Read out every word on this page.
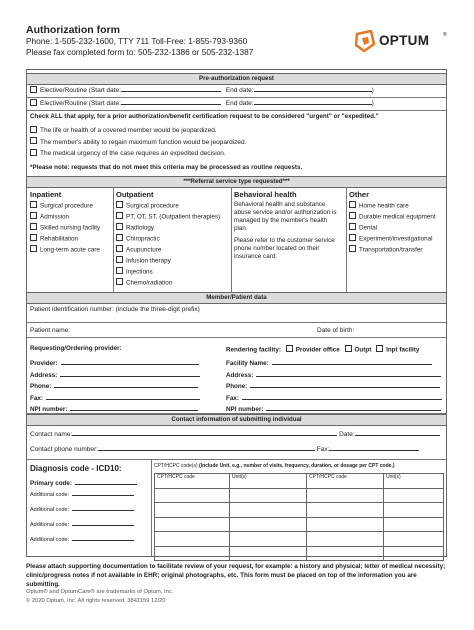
Authorization form
Phone: 1-505-232-1600, TTY 711 Toll-Free: 1-855-793-9360
Please fax completed form to: 505-232-1386 or 505-232-1387
OPTUM	®
Pre-authorization request
Elective/Routine (Start date:	End date:	)
Elective/Routine (Start date:	End date:	)
Check ALL that apply, for a prior authorization/benefit certification request to be considered "urgent" or "expedited."
The life or health of a covered member would be jeopardized.
The member's ability to regain maximum function would be jeopardized.
The medical urgency of the case requires an expedited decision.
*Please note: requests that do not meet this criteria may be processed as routine requests.
***Referral service type requested***
Inpatient
Surgical procedure
Admission
Skilled nursing facility
Rehabilitation
Long-term acute care
Outpatient
Surgical procedure
PT, OT, ST, (Outpatient therapies)
Radiology
Chiropractic
Acupuncture
Infusion therapy
Injections
Chemo/radiation
Behavioral health
Behavioral health and substance abuse service and/or authorization is managed by the member's health plan.
Please refer to the customer service phone number located on their insurance card.
Other
Home health care
Durable medical equipment
Dental
Experiment/investigational
Transportation/transfer
Member/Patient data
Patient identification number: (include the three-digit prefix)
Patient name:	Date of birth:
Requesting/Ordering provider:	Rendering facility: Provider office Outpt Inpt facility
Provider:
Address:
Phone:
Fax:
NPI number:
Facility Name:
Address:
Phone:
Fax:
NPI number:
Contact information of submitting individual
Contact name:	Date:
Contact phone number:	Fax:
Diagnosis code - ICD10:
Primary code:
Additional code:
Additional code:
Additional code:
Additional code:
CPT/HCPC code(s) (Include Unit, e.g., number of visits, frequency, duration, or dosage per CPT code.)
CPT/HCPC code	Unit(s)	CPT/HCPC code	Unit(s)

Please attach supporting documentation to facilitate review of your request, for example: a history and physical; letter of medical necessity; clinic/progress notes if not available in EHR; original photographs, etc. This form must be placed on top of the information you are submitting.
Optum® and OptumCare® are trademarks of Optum, Inc.
© 2020 Optum, Inc. All rights reserved. 3841159 12/20
